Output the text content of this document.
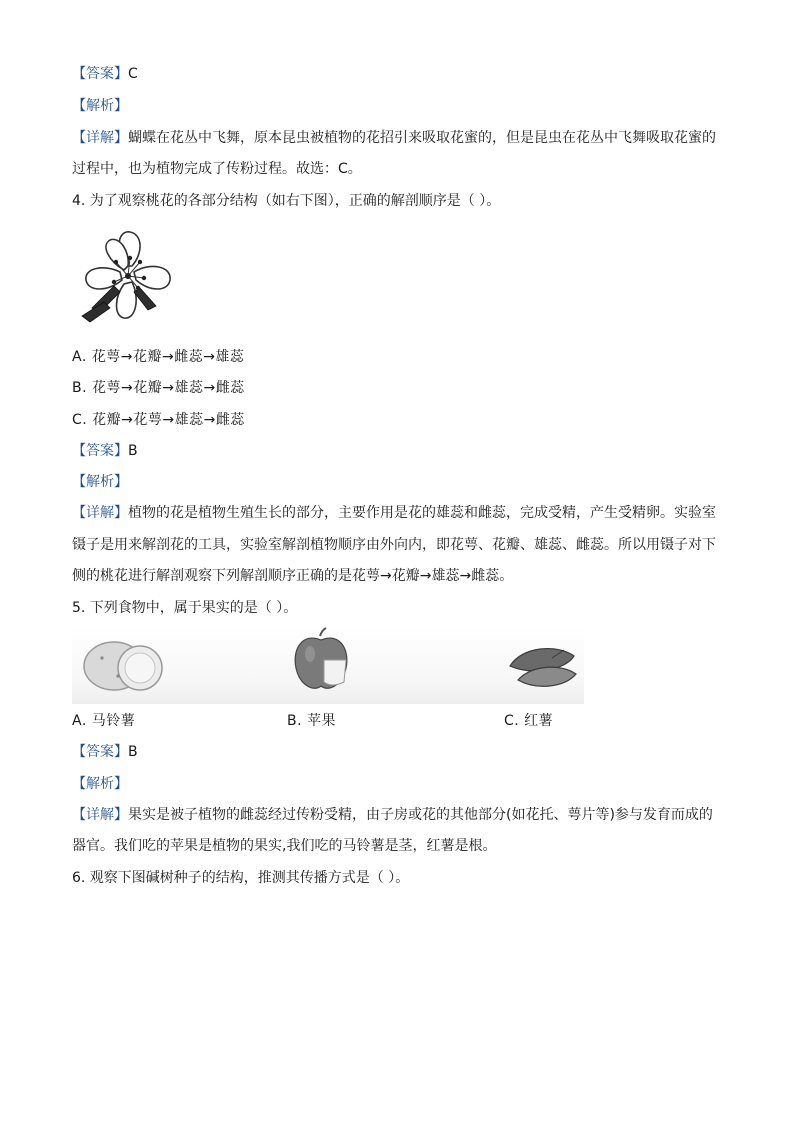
【答案】C
【解析】
【详解】蝴蝶在花丛中飞舞，原本昆虫被植物的花招引来吸取花蜜的，但是昆虫在花丛中飞舞吸取花蜜的
过程中，也为植物完成了传粉过程。故选：C。
4. 为了观察桃花的各部分结构（如右下图），正确的解剖顺序是（ ）。
A. 花萼→花瓣→雌蕊→雄蕊
B. 花萼→花瓣→雄蕊→雌蕊
C. 花瓣→花萼→雄蕊→雌蕊
【答案】B
【解析】
【详解】植物的花是植物生殖生长的部分，主要作用是花的雄蕊和雌蕊，完成受精，产生受精卵。实验室
镊子是用来解剖花的工具，实验室解剖植物顺序由外向内，即花萼、花瓣、雄蕊、雌蕊。所以用镊子对下
侧的桃花进行解剖观察下列解剖顺序正确的是花萼→花瓣→雄蕊→雌蕊。
5. 下列食物中，属于果实的是（ ）。
A. 马铃薯	B. 苹果	C. 红薯
【答案】B
【解析】
【详解】果实是被子植物的雌蕊经过传粉受精，由子房或花的其他部分(如花托、萼片等)参与发育而成的
器官。我们吃的苹果是植物的果实,我们吃的马铃薯是茎，红薯是根。
6. 观察下图碱树种子的结构，推测其传播方式是（ ）。
